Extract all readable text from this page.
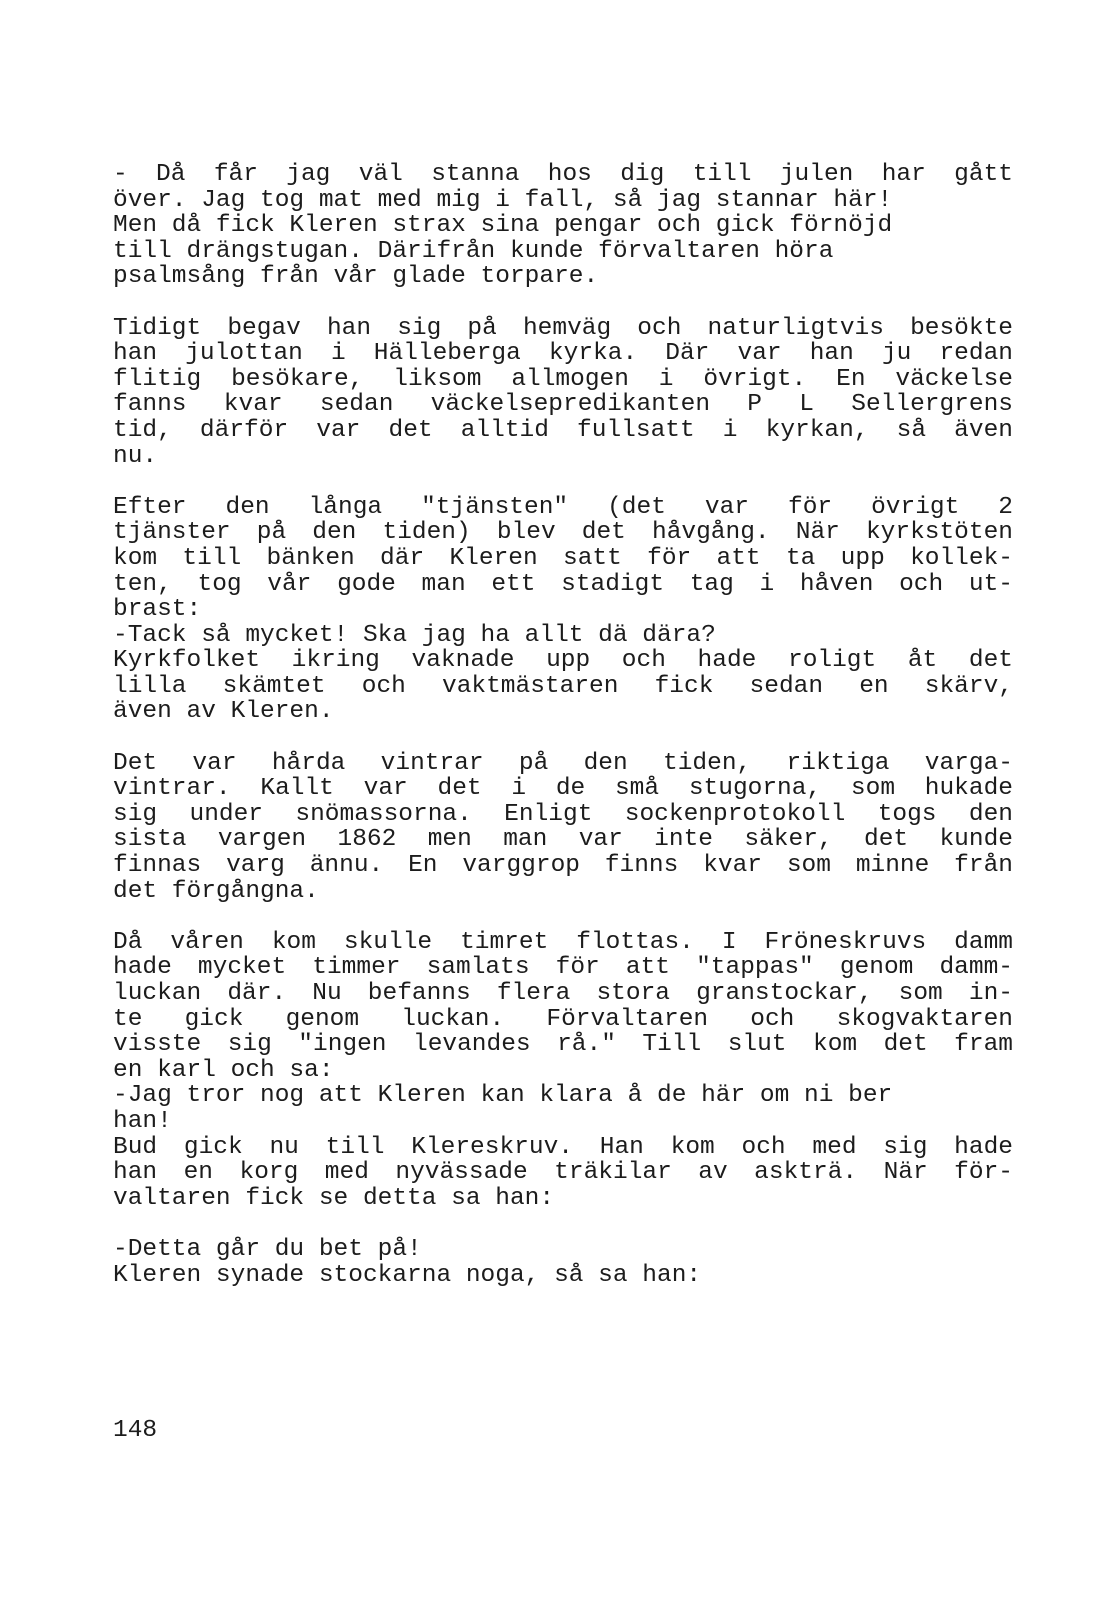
- Då får jag väl stanna hos dig till julen har gått
över. Jag tog mat med mig i fall, så jag stannar här!
Men då fick Kleren strax sina pengar och gick förnöjd
till drängstugan. Därifrån kunde förvaltaren höra
psalmsång från vår glade torpare.
Tidigt begav han sig på hemväg och naturligtvis besökte
han julottan i Hälleberga kyrka. Där var han ju redan
flitig besökare, liksom allmogen i övrigt. En väckelse
fanns kvar sedan väckelsepredikanten P L Sellergrens
tid, därför var det alltid fullsatt i kyrkan, så även
nu.
Efter den långa "tjänsten" (det var för övrigt 2
tjänster på den tiden) blev det håvgång. När kyrkstöten
kom till bänken där Kleren satt för att ta upp kollek-
ten, tog vår gode man ett stadigt tag i håven och ut-
brast:
-Tack så mycket! Ska jag ha allt dä dära?
Kyrkfolket ikring vaknade upp och hade roligt åt det
lilla skämtet och vaktmästaren fick sedan en skärv,
även av Kleren.
Det var hårda vintrar på den tiden, riktiga varga-
vintrar. Kallt var det i de små stugorna, som hukade
sig under snömassorna. Enligt sockenprotokoll togs den
sista vargen 1862 men man var inte säker, det kunde
finnas varg ännu. En varggrop finns kvar som minne från
det förgångna.
Då våren kom skulle timret flottas. I Fröneskruvs damm
hade mycket timmer samlats för att "tappas" genom damm-
luckan där. Nu befanns flera stora granstockar, som in-
te gick genom luckan. Förvaltaren och skogvaktaren
visste sig "ingen levandes rå." Till slut kom det fram
en karl och sa:
-Jag tror nog att Kleren kan klara å de här om ni ber
han!
Bud gick nu till Klereskruv. Han kom och med sig hade
han en korg med nyvässade träkilar av askträ. När för-
valtaren fick se detta sa han:
-Detta går du bet på!
Kleren synade stockarna noga, så sa han:
148
